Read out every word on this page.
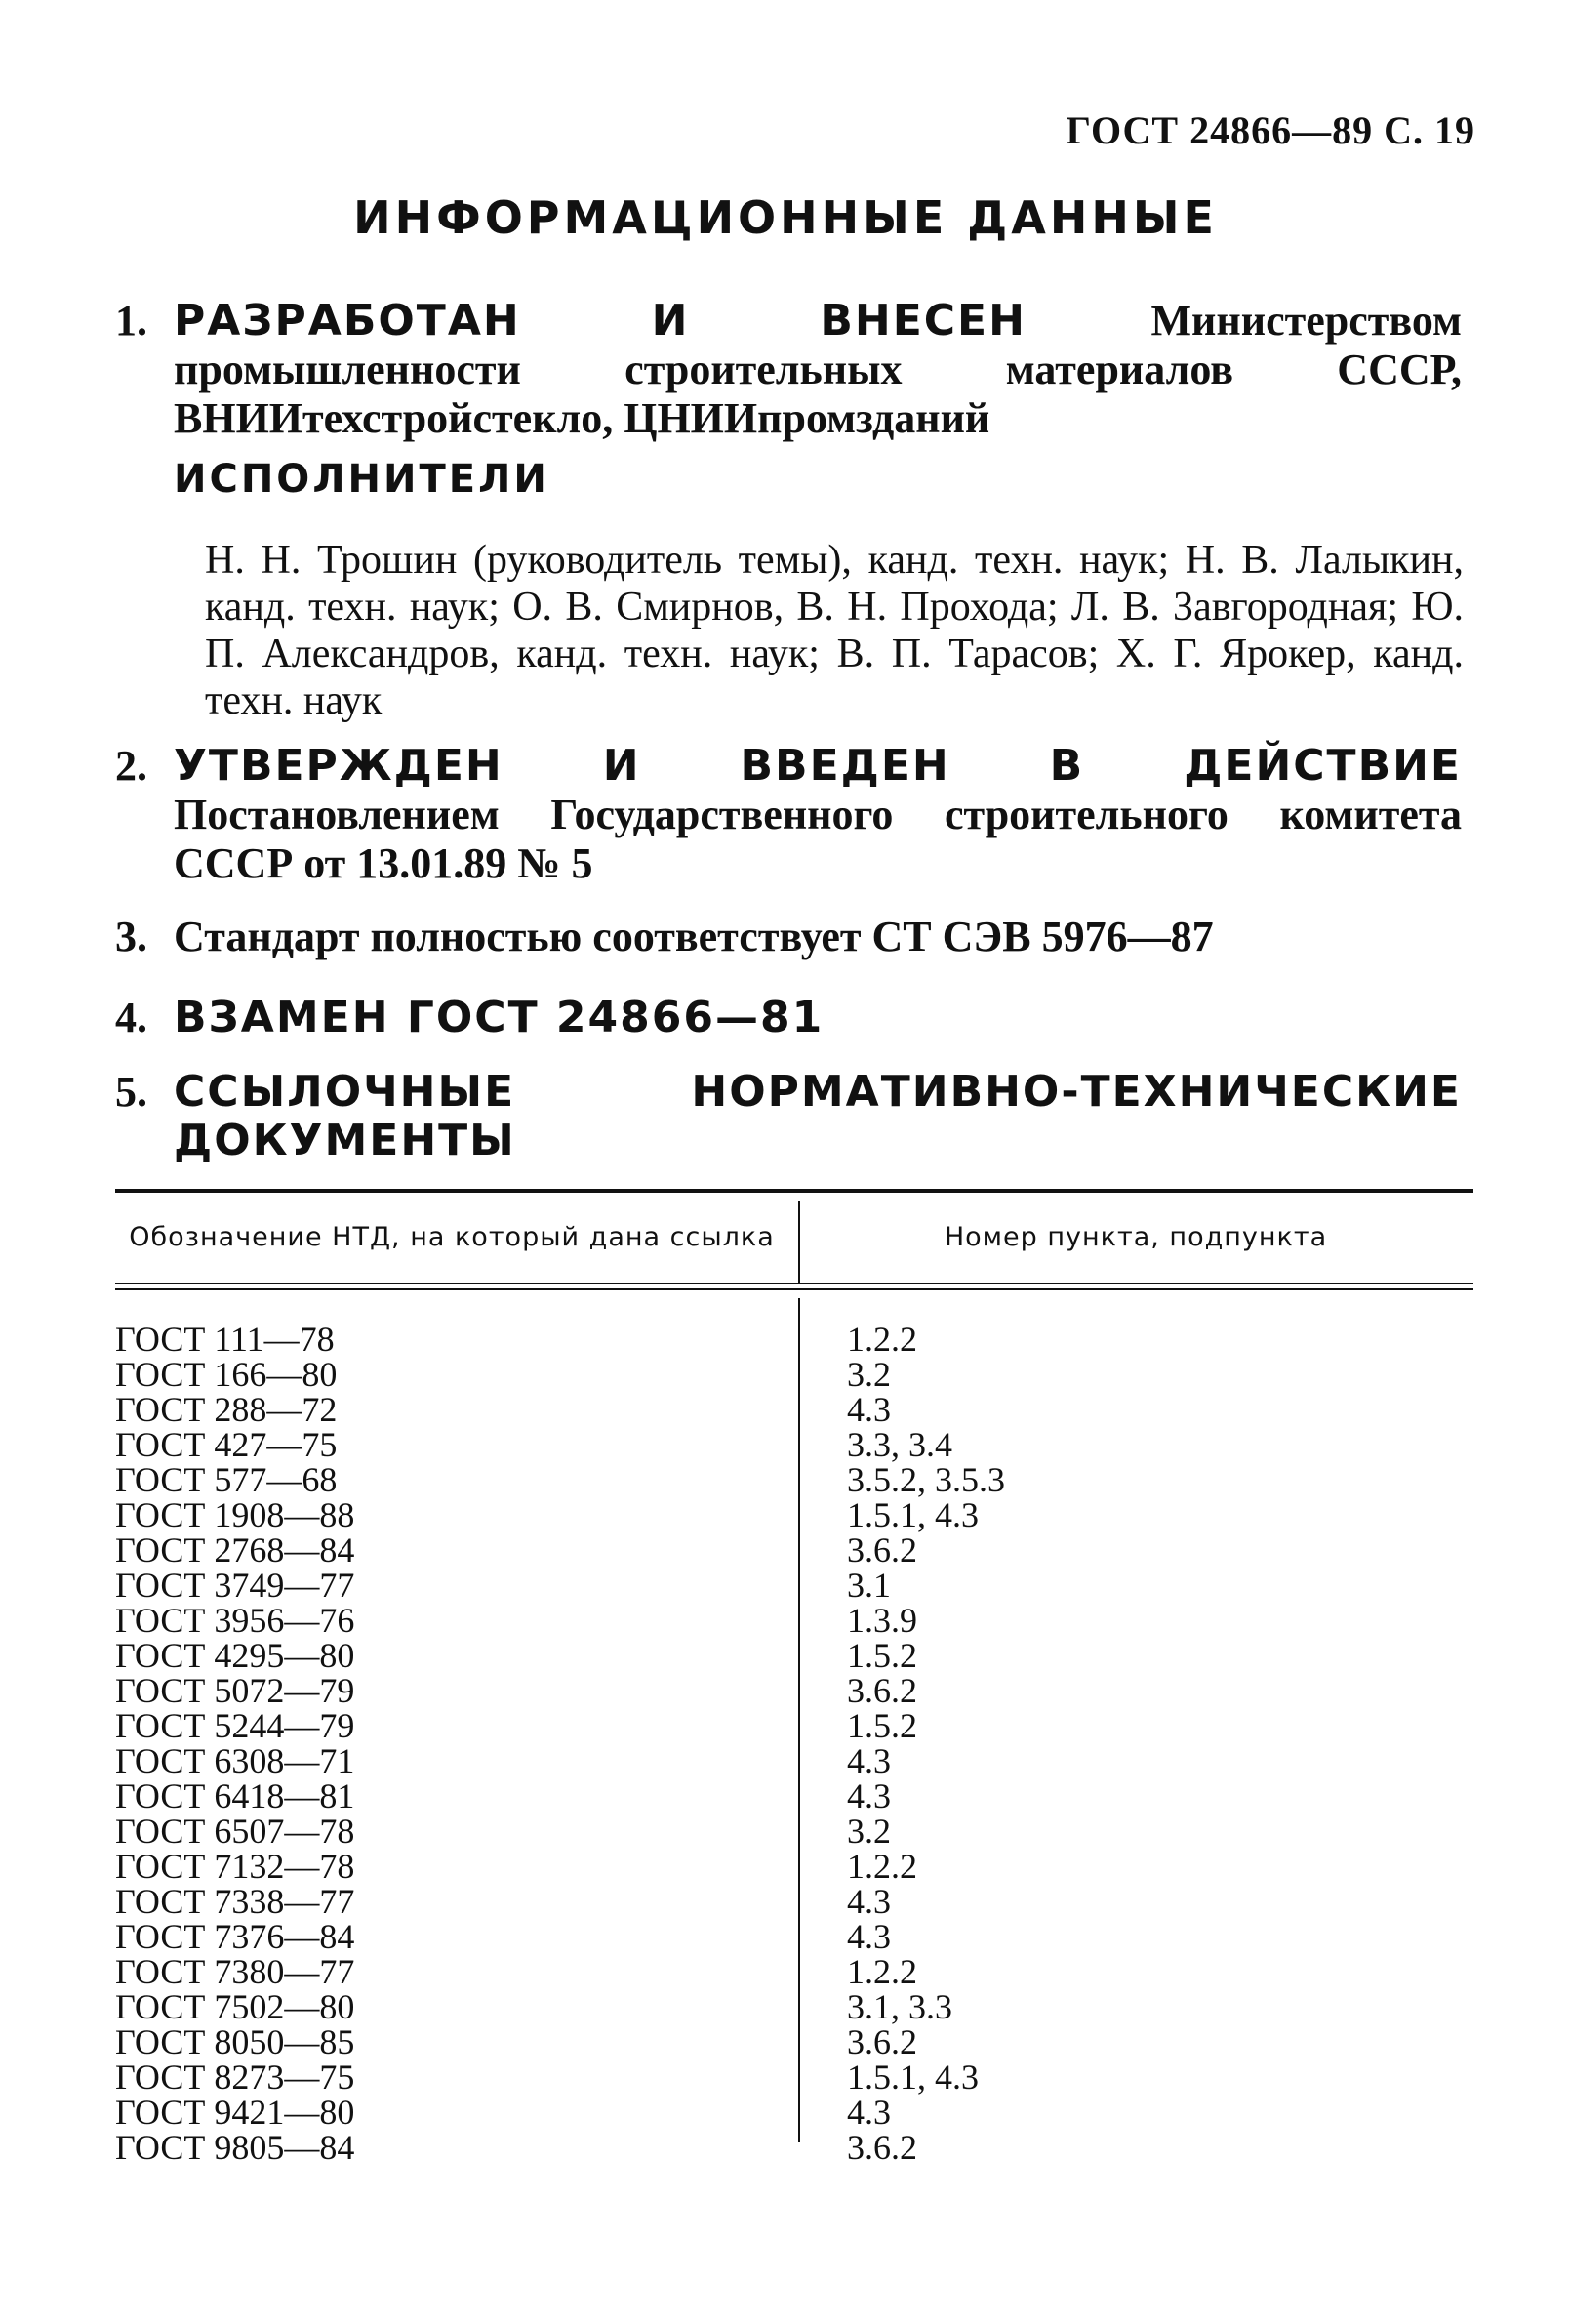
ГОСТ 24866—89 С. 19
ИНФОРМАЦИОННЫЕ ДАННЫЕ
1. РАЗРАБОТАН И ВНЕСЕН Министерством промышленности строительных материалов СССР, ВНИИтехстройстекло, ЦНИИпромзданий
ИСПОЛНИТЕЛИ
Н. Н. Трошин (руководитель темы), канд. техн. наук; Н. В. Лалыкин, канд. техн. наук; О. В. Смирнов, В. Н. Прохода; Л. В. Завгородная; Ю. П. Александров, канд. техн. наук; В. П. Тарасов; Х. Г. Ярокер, канд. техн. наук
2. УТВЕРЖДЕН И ВВЕДЕН В ДЕЙСТВИЕ Постановлением Государственного строительного комитета СССР от 13.01.89 № 5
3. Стандарт полностью соответствует СТ СЭВ 5976—87
4. ВЗАМЕН ГОСТ 24866—81
5. ССЫЛОЧНЫЕ НОРМАТИВНО-ТЕХНИЧЕСКИЕ ДОКУМЕНТЫ
Обозначение НТД, на который дана ссылка	Номер пункта, подпункта
ГОСТ 111—78	1.2.2
ГОСТ 166—80	3.2
ГОСТ 288—72	4.3
ГОСТ 427—75	3.3, 3.4
ГОСТ 577—68	3.5.2, 3.5.3
ГОСТ 1908—88	1.5.1, 4.3
ГОСТ 2768—84	3.6.2
ГОСТ 3749—77	3.1
ГОСТ 3956—76	1.3.9
ГОСТ 4295—80	1.5.2
ГОСТ 5072—79	3.6.2
ГОСТ 5244—79	1.5.2
ГОСТ 6308—71	4.3
ГОСТ 6418—81	4.3
ГОСТ 6507—78	3.2
ГОСТ 7132—78	1.2.2
ГОСТ 7338—77	4.3
ГОСТ 7376—84	4.3
ГОСТ 7380—77	1.2.2
ГОСТ 7502—80	3.1, 3.3
ГОСТ 8050—85	3.6.2
ГОСТ 8273—75	1.5.1, 4.3
ГОСТ 9421—80	4.3
ГОСТ 9805—84	3.6.2
